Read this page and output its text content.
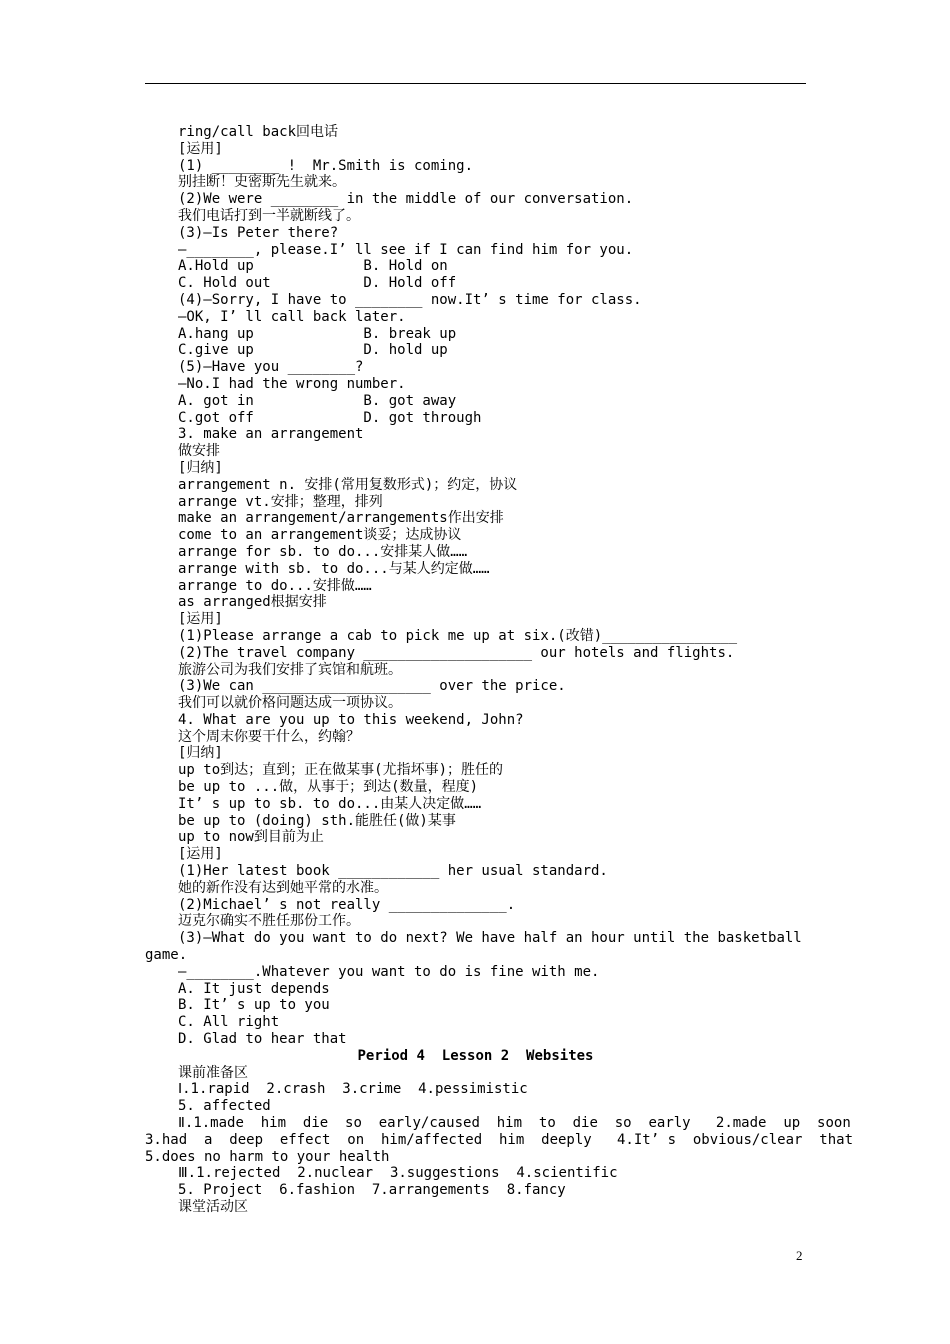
ring/call back回电话
[运用]
(1) ________ !  Mr.Smith is coming.
别挂断！史密斯先生就来。
(2)We were ________ in the middle of our conversation.
我们电话打到一半就断线了。
(3)—Is Peter there?
—________, please.I’ ll see if I can find him for you.
A.Hold up             B. Hold on
C. Hold out           D. Hold off
(4)—Sorry, I have to ________ now.It’ s time for class.
—OK, I’ ll call back later.
A.hang up             B. break up
C.give up             D. hold up
(5)—Have you ________?
—No.I had the wrong number.
A. got in             B. got away
C.got off             D. got through
3. make an arrangement
做安排
[归纳]
arrangement n. 安排(常用复数形式)；约定，协议
arrange vt.安排；整理，排列
make an arrangement/arrangements作出安排
come to an arrangement谈妥；达成协议
arrange for sb. to do...安排某人做……
arrange with sb. to do...与某人约定做……
arrange to do...安排做……
as arranged根据安排
[运用]
(1)Please arrange a cab to pick me up at six.(改错)________________
(2)The travel company ____________________ our hotels and flights.
旅游公司为我们安排了宾馆和航班。
(3)We can ____________________ over the price.
我们可以就价格问题达成一项协议。
4. What are you up to this weekend, John?
这个周末你要干什么，约翰？
[归纳]
up to到达；直到；正在做某事(尤指坏事)；胜任的
be up to ...做，从事于；到达(数量，程度)
It’ s up to sb. to do...由某人决定做……
be up to (doing) sth.能胜任(做)某事
up to now到目前为止
[运用]
(1)Her latest book ____________ her usual standard.
她的新作没有达到她平常的水准。
(2)Michael’ s not really ______________.
迈克尔确实不胜任那份工作。
(3)—What do you want to do next? We have half an hour until the basketball
game.
—________.Whatever you want to do is fine with me.
A. It just depends
B. It’ s up to you
C. All right
D. Glad to hear that
Period 4  Lesson 2  Websites
课前准备区
Ⅰ.1.rapid  2.crash  3.crime  4.pessimistic
5. affected
Ⅱ.1.made  him  die  so  early/caused  him  to  die  so  early   2.made  up  soon
3.had  a  deep  effect  on  him/affected  him  deeply   4.It’ s  obvious/clear  that
5.does no harm to your health
Ⅲ.1.rejected  2.nuclear  3.suggestions  4.scientific
5. Project  6.fashion  7.arrangements  8.fancy
课堂活动区
2
